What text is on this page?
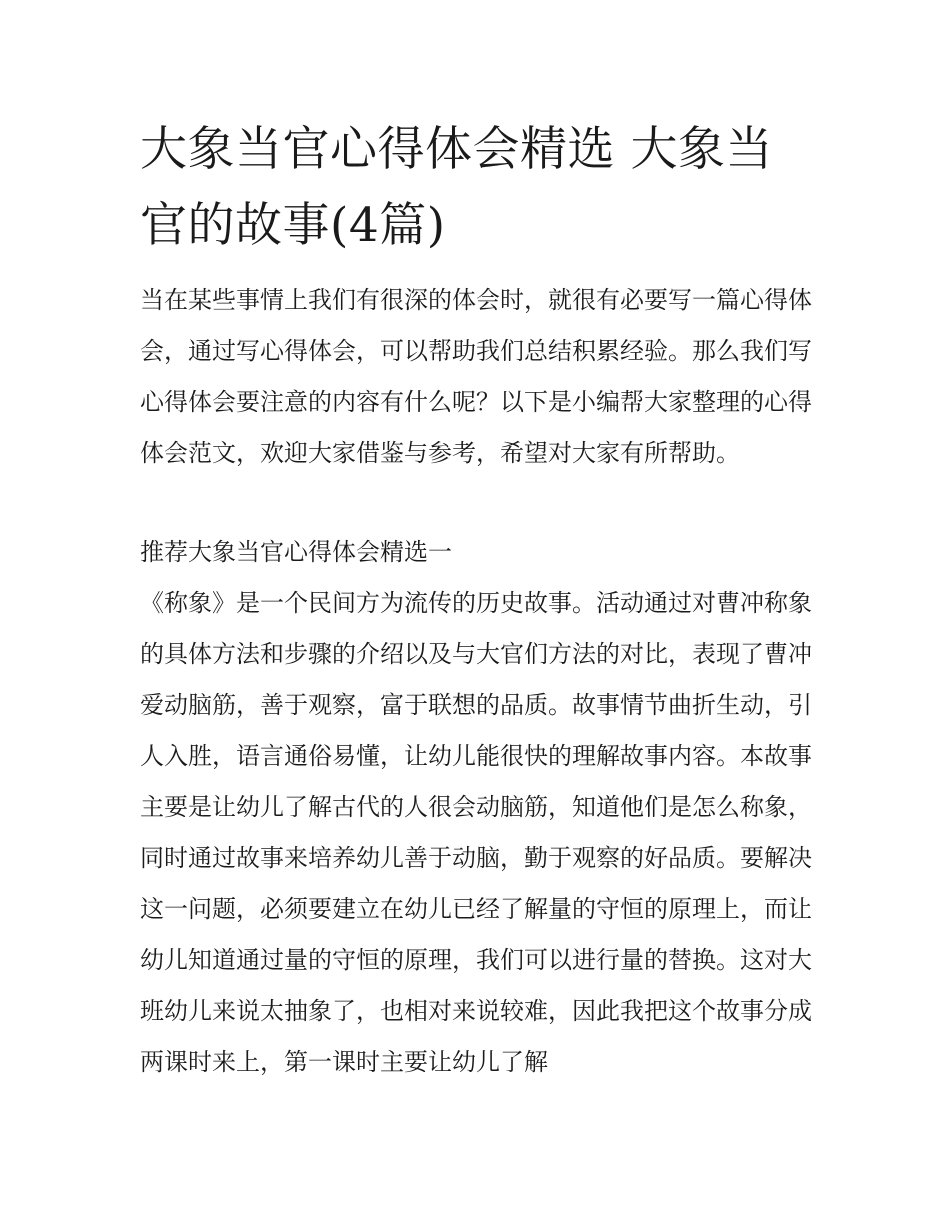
大象当官心得体会精选 大象当官的故事(4篇)

当在某些事情上我们有很深的体会时，就很有必要写一篇心得体会，通过写心得体会，可以帮助我们总结积累经验。那么我们写心得体会要注意的内容有什么呢？以下是小编帮大家整理的心得体会范文，欢迎大家借鉴与参考，希望对大家有所帮助。

推荐大象当官心得体会精选一

《称象》是一个民间方为流传的历史故事。活动通过对曹冲称象的具体方法和步骤的介绍以及与大官们方法的对比，表现了曹冲爱动脑筋，善于观察，富于联想的品质。故事情节曲折生动，引人入胜，语言通俗易懂，让幼儿能很快的理解故事内容。本故事主要是让幼儿了解古代的人很会动脑筋，知道他们是怎么称象，同时通过故事来培养幼儿善于动脑，勤于观察的好品质。要解决这一问题，必须要建立在幼儿已经了解量的守恒的原理上，而让幼儿知道通过量的守恒的原理，我们可以进行量的替换。这对大班幼儿来说太抽象了，也相对来说较难，因此我把这个故事分成两课时来上，第一课时主要让幼儿了解
